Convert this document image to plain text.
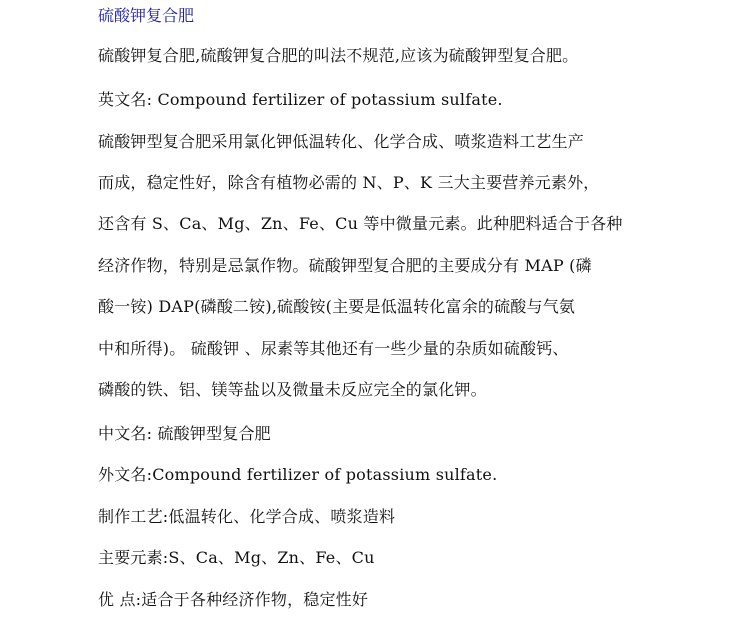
硫酸钾复合肥
硫酸钾复合肥,硫酸钾复合肥的叫法不规范,应该为硫酸钾型复合肥。
英文名: Compound fertilizer of potassium sulfate.
硫酸钾型复合肥采用氯化钾低温转化、化学合成、喷浆造料工艺生产
而成，稳定性好，除含有植物必需的 N、P、K 三大主要营养元素外，
还含有 S、Ca、Mg、Zn、Fe、Cu 等中微量元素。此种肥料适合于各种
经济作物，特别是忌氯作物。硫酸钾型复合肥的主要成分有 MAP (磷
酸一铵) DAP(磷酸二铵),硫酸铵(主要是低温转化富余的硫酸与气氨
中和所得)。 硫酸钾 、尿素等其他还有一些少量的杂质如硫酸钙、
磷酸的铁、铝、镁等盐以及微量未反应完全的氯化钾。
中文名: 硫酸钾型复合肥
外文名:Compound fertilizer of potassium sulfate.
制作工艺:低温转化、化学合成、喷浆造料
主要元素:S、Ca、Mg、Zn、Fe、Cu
优 点:适合于各种经济作物，稳定性好
